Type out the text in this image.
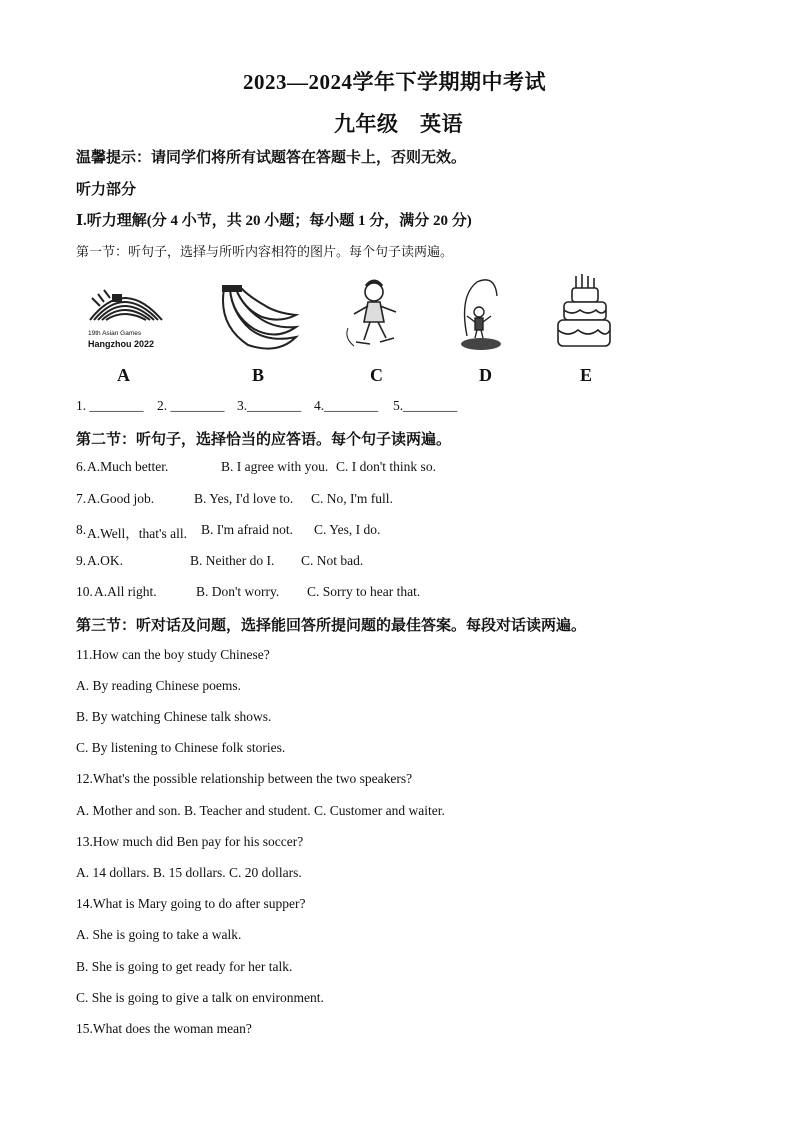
2023—2024学年下学期期中考试
九年级　英语
温馨提示：请同学们将所有试题答在答题卡上，否则无效。
听力部分
Ⅰ.听力理解(分 4 小节，共 20 小题；每小题 1 分，满分 20 分)
第一节：听句子，选择与所听内容相符的图片。每个句子读两遍。
19th Asian Games
Hangzhou 2022
A	B	C	D	E
1. ________ 2. ________ 3.________ 4.________ 5.________
第二节：听句子，选择恰当的应答语。每个句子读两遍。
6. A.Much better.	B. I agree with you. C. I don't think so.
7. A.Good job.	B. Yes, I'd love to. C. No, I'm full.
8. A.Well，that's all. B. I'm afraid not. C. Yes, I do.
9. A.OK.	B. Neither do I. C. Not bad.
10. A.All right.	B. Don't worry. C. Sorry to hear that.
第三节：听对话及问题，选择能回答所提问题的最佳答案。每段对话读两遍。
11.How can the boy study Chinese?
A. By reading Chinese poems.
B. By watching Chinese talk shows.
C. By listening to Chinese folk stories.
12.What's the possible relationship between the two speakers?
A. Mother and son. B. Teacher and student. C. Customer and waiter.
13.How much did Ben pay for his soccer?
A. 14 dollars. B. 15 dollars. C. 20 dollars.
14.What is Mary going to do after supper?
A. She is going to take a walk.
B. She is going to get ready for her talk.
C. She is going to give a talk on environment.
15.What does the woman mean?
